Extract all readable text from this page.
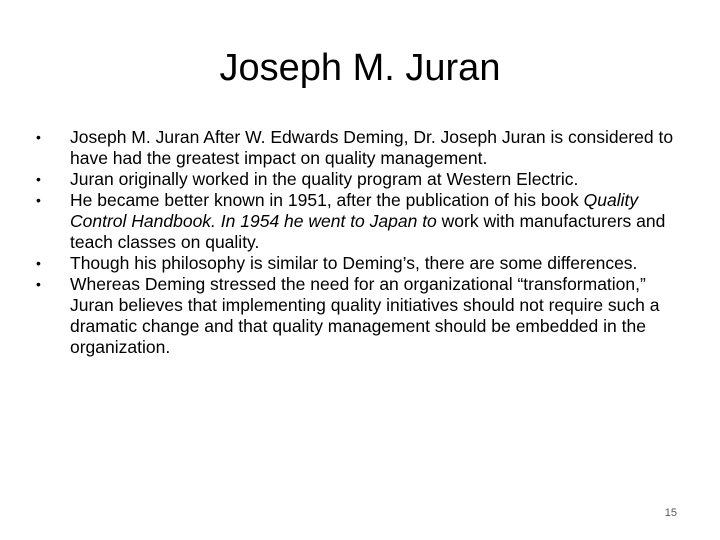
Joseph M. Juran
•	Joseph M. Juran After W. Edwards Deming, Dr. Joseph Juran is considered to have had the greatest impact on quality management.
•	Juran originally worked in the quality program at Western Electric.
•	He became better known in 1951, after the publication of his book Quality Control Handbook. In 1954 he went to Japan to work with manufacturers and teach classes on quality.
•	Though his philosophy is similar to Deming’s, there are some differences.
•	Whereas Deming stressed the need for an organizational “transformation,” Juran believes that implementing quality initiatives should not require such a dramatic change and that quality management should be embedded in the organization.
15
